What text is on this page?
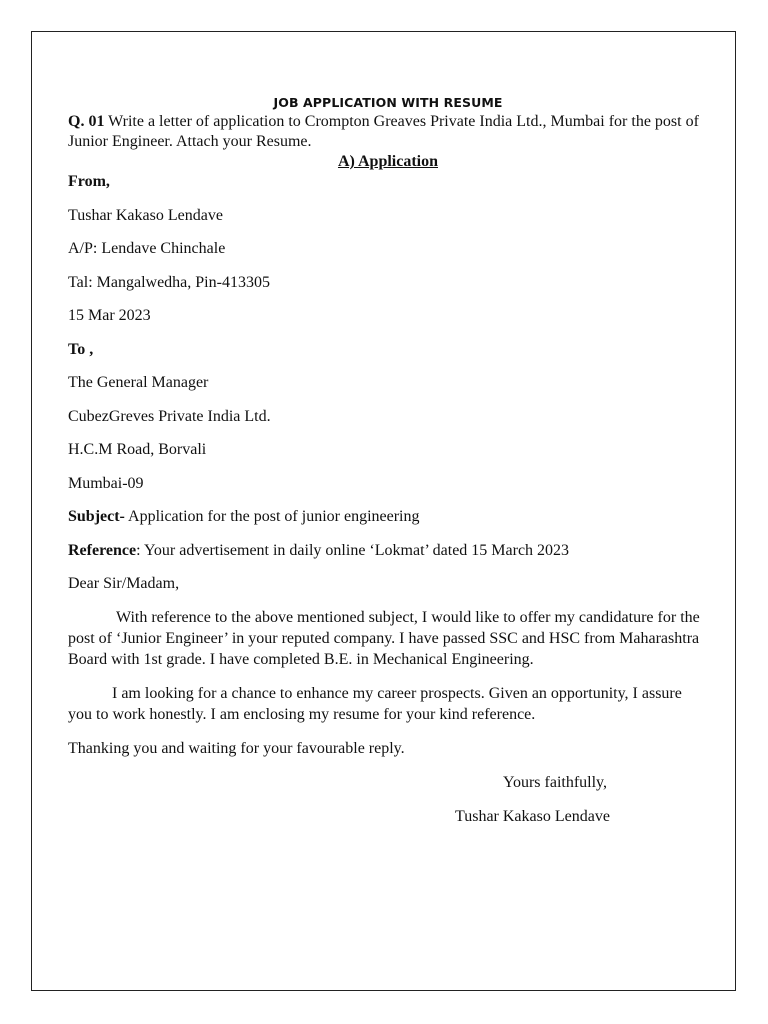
JOB APPLICATION WITH RESUME

Q. 01 Write a letter of application to Crompton Greaves Private India Ltd., Mumbai for the post of Junior Engineer. Attach your Resume.

A) Application

From,

Tushar Kakaso Lendave

A/P: Lendave Chinchale

Tal: Mangalwedha, Pin-413305

15 Mar 2023

To ,

The General Manager

CubezGreves Private India Ltd.

H.C.M Road, Borvali

Mumbai-09

Subject- Application for the post of junior engineering

Reference: Your advertisement in daily online ‘Lokmat’ dated 15 March 2023

Dear Sir/Madam,

With reference to the above mentioned subject, I would like to offer my candidature for the post of ‘Junior Engineer’ in your reputed company. I have passed SSC and HSC from Maharashtra Board with 1st grade. I have completed B.E. in Mechanical Engineering.

I am looking for a chance to enhance my career prospects. Given an opportunity, I assure you to work honestly. I am enclosing my resume for your kind reference.

Thanking you and waiting for your favourable reply.

Yours faithfully,

Tushar Kakaso Lendave
